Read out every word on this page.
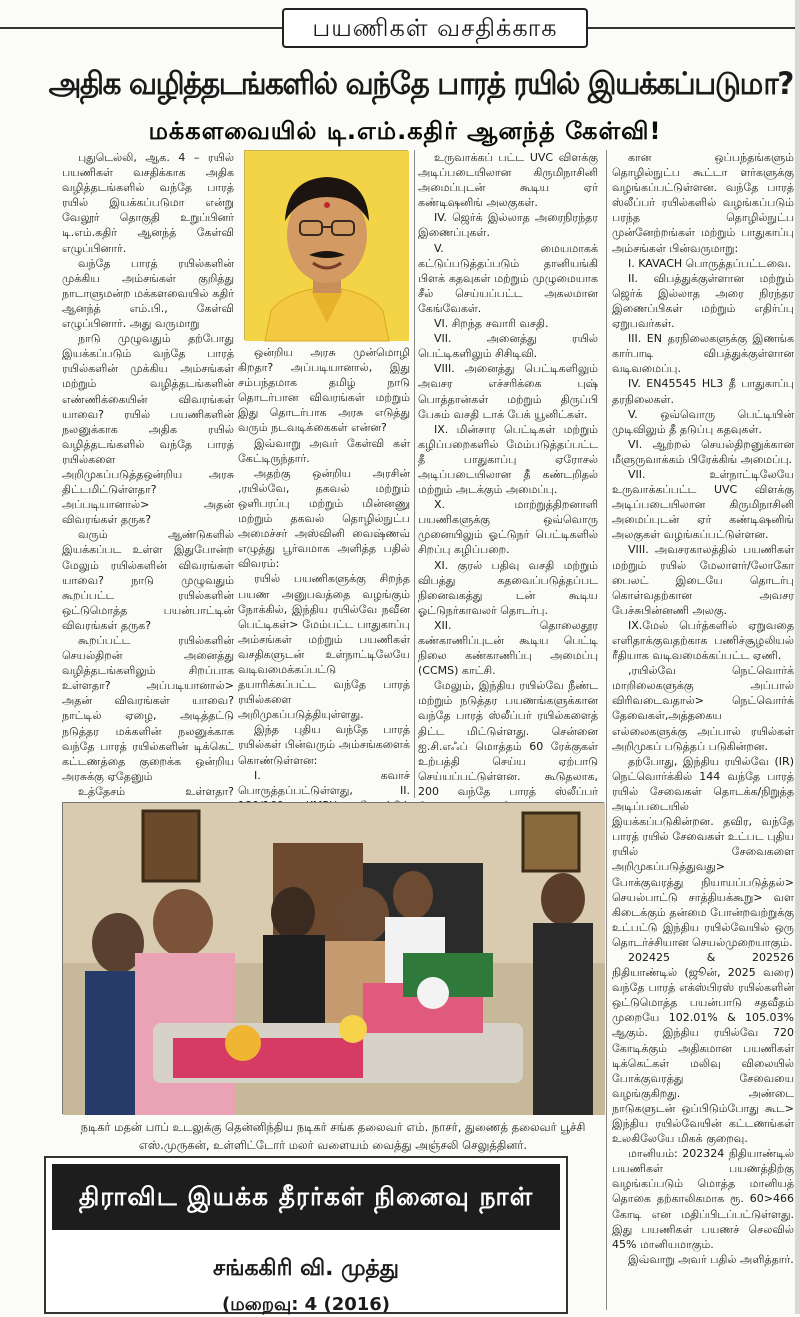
பயணிகள் வசதிக்காக
அதிக வழித்தடங்களில் வந்தே பாரத் ரயில் இயக்கப்படுமா?
மக்களவையில் டி.எம்.கதிர் ஆனந்த் கேள்வி!

புதுடெல்லி, ஆக. 4 – ரயில் பயணிகள் வசதிக்காக அதிக வழித்தடங்களில் வந்தே பாரத் ரயில் இயக்கப்படுமா என்று வேலூர் தொகுதி உறுப்பினர் டி.எம்.கதிர் ஆனந்த் கேள்வி எழுப்பினார்.

வந்தே பாரத் ரயில்களின் முக்கிய அம்சங்கள் குறித்து நாடாளுமன்ற மக்களவையில் கதிர் ஆனந்த் எம்.பி., கேள்வி எழுப்பினார். அது வருமாறு

நாடு முழுவதும் தற்போது இயக்கப்படும் வந்தே பாரத் ரயில்களின் முக்கிய அம்சங்கள் மற்றும் வழித்தடங்களின் எண்ணிக்கையின் விவரங்கள் யாவை? ரயில் பயணிகளின் நலனுக்காக அதிக ரயில் வழித்தடங்களில் வந்தே பாரத் ரயில்களை அறிமுகப்படுத்தஒன்றிய அரசு திட்டமிட்டுள்ளதா? அப்படியானால்> அதன் விவரங்கள் தருக?

வரும் ஆண்டுகளில் இயக்கப்பட உள்ள இதுபோன்ற மேலும் ரயில்களின் விவரங்கள் யாவை? நாடு முழுவதும் கூறப்பட்ட ரயில்களின் ஒட்டுமொத்த பயன்பாட்டின் விவரங்கள் தருக?

கூறப்பட்ட ரயில்களின் செயல்திறன் அனைத்து வழித்தடங்களிலும் சிறப்பாக உள்ளதா? அப்படியானால்> அதன் விவரங்கள் யாவை? நாட்டில் ஏழை, அடித்தட்டு நடுத்தர மக்களின் நலனுக்காக வந்தே பாரத் ரயில்களின் டிக்கெட் கட்டணத்தை குறைக்க ஒன்றிய அரசுக்கு ஏதேனும்

உத்தேசம் உள்ளதா?

ஒன்றிய அரசு முன்மொழி கிறதா? அப்படியானால், இது சம்பந்தமாக தமிழ் நாடு தொடர்பான விவரங்கள் மற்றும் இது தொடர்பாக அரசு எடுத்து வரும் நடவடிக்கைகள் என்ன?

இவ்வாறு அவர் கேள்வி கள் கேட்டிருந்தார்.

அதற்கு ஒன்றிய அரசின் ,ரயில்வே, தகவல் மற்றும் ஒளிபரப்பு மற்றும் மின்னணு மற்றும் தகவல் தொழில்நுட்ப அமைச்சர் அஸ்வினி வைஷ்ணவ் எழுத்து பூர்வமாக அளித்த பதில் விவரம்:

ரயில் பயணிகளுக்கு சிறந்த பயண அனுபவத்தை வழங்கும் நோக்கில், இந்திய ரயில்வே நவீன பெட்டிகள்> மேம்பட்ட பாதுகாப்பு அம்சங்கள் மற்றும் பயணிகள் வசதிகளுடன் உள்நாட்டிலேயே வடிவமைக்கப்பட்டு தயாரிக்கப்பட்ட வந்தே பாரத் ரயில்களை அறிமுகப்படுத்தியுள்ளது.

இந்த புதிய வந்தே பாரத் ரயில்கள் பின்வரும் அம்சங்களைக் கொண்டுள்ளன:

I. கவாச் பொருத்தப்பட்டுள்ளது, II.

உருவாக்கப் பட்ட UVC விளக்கு அடிப்படையிலான கிருமிநாசினி அமைப்புடன் கூடிய ஏர் கண்டிஷனிங் அலகுகள்.

IV. ஜெர்க் இல்லாத அரைநிரந்தர இணைப்புகள்.

V. மையமாகக் கட்டுப்படுத்தப்படும் தானியங்கி பிளக் கதவுகள் மற்றும் முழுமையாக சீல் செய்யப்பட்ட அகலமான கேங்வேகள்.

VI. சிறந்த சவாரி வசதி.

VII. அனைத்து ரயில் பெட்டிகளிலும் சிசிடிவி.

VIII. அனைத்து பெட்டிகளிலும் அவசர எச்சரிக்கை புஷ் பொத்தான்கள் மற்றும் திருப்பி பேசும் வசதி டாக் பேக் யூனிட்கள்.

IX. மின்சார பெட்டிகள் மற்றும் கழிப்பறைகளில் மேம்படுத்தப்பட்ட தீ பாதுகாப்பு ஏரோசல் அடிப்படையிலான தீ கண்டறிதல் மற்றும் அடக்கும் அமைப்பு.

X. மாற்றுத்திறனாளி பயணிகளுக்கு ஒவ்வொரு முனையிலும் ஓட்டுநர் பெட்டிகளில் சிறப்பு கழிப்பறை.

XI. குரல் பதிவு வசதி மற்றும் விபத்து கதவைப்படுத்தப்பட நினைவகத்து டன் கூடிய ஓட்டுநர்காவலர் தொடர்பு.

XII. தொலைதூர கண்காணிப்புடன் கூடிய பெட்டி நிலை கண்காணிப்பு அமைப்பு (CCMS) காட்சி.

மேலும், இந்திய ரயில்வே நீண்ட மற்றும் நடுத்தர பயணங்களுக்கான வந்தே பாரத் ஸ்லீப்பர் ரயில்களைத் திட்ட மிட்டுள்ளது. சென்னை ஐ.சி.எஃப் மொத்தம் 60 ரேக்குகள் உற்பத்தி செய்ய ஏற்பாடு செய்யப்பட்டுள்ளன. கூடுதலாக, 200 வந்தே பாரத் ஸ்லீப்பர்

கான ஒப்பந்தங்களும் தொழில்நுட்ப கூட்டா ளர்களுக்கு வழங்கப்பட்டுள்ளன. வந்தே பாரத் ஸ்லீப்பர் ரயில்களில் வழங்கப்படும் பரந்த தொழில்நுட்ப முன்னேற்றங்கள் மற்றும் பாதுகாப்பு அம்சங்கள் பின்வருமாறு:

I. KAVACH பொருத்தப்பட்டவை.

II. விபத்துக்குள்ளான மற்றும் ஜெர்க் இல்லாத அரை நிரந்தர இணைப்பிகள் மற்றும் எதிர்ப்பு ஏறுபவர்கள்.

III. EN தரநிலைகளுக்கு இணங்க கார்பாடி விபத்துக்குள்ளான வடிவமைப்பு.

IV. EN45545 HL3 தீ பாதுகாப்பு தரநிலைகள்.

V. ஒவ்வொரு பெட்டியின் முடிவிலும் தீ தடுப்பு கதவுகள்.

VI. ஆற்றல் செயல்திறனுக்கான மீளுருவாக்கம் பிரேக்கிங் அமைப்பு.

VII. உள்நாட்டிலேயே உருவாக்கப்பட்ட UVC விளக்கு அடிப்படையிலான கிருமிநாசினி அமைப்புடன் ஏர் கண்டிஷனிங் அலகுகள் வழங்கப்பட்டுள்ளன.

VIII. அவசரகாலத்தில் பயணிகள் மற்றும் ரயில் மேலாளர்/லோகோ பைலட் இடையே தொடர்பு கொள்வதற்கான அவசர பேச்சுபின்னணி அலகு.

IX.மேல் பெர்த்களில் ஏறுவதை எளிதாக்குவதற்காக பணிச்சூழலியல் ரீதியாக வடிவமைக்கப்பட்ட ஏணி.

,ரயில்வே நெட்வொர்க் மாறிலைகளுக்கு அப்பால் விரிவடைவதால்> நெட்வொர்க் தேவைகள்,அத்தகைய எல்லைகளுக்கு அப்பால் ரயில்கள் அறிமுகப் படுத்தப் படுகின்றன.

தற்போது, இந்திய ரயில்வே (IR) நெட்வொர்க்கில் 144 வந்தே பாரத் ரயில் சேவைகள் தொடக்க/நிறுத்த அடிப்படையில் இயக்கப்படுகின்றன. தவிர, வந்தே பாரத் ரயில் சேவைகள் உட்பட புதிய ரயில் சேவைகளை அறிமுகப்படுத்துவது> போக்குவரத்து நியாயப்படுத்தல்> செயல்பாட்டு சாத்தியக்கூறு> வள கிடைக்கும் தன்மை போன்றவற்றுக்கு உட்பட்டு இந்திய ரயில்வேயில் ஒரு தொடர்ச்சியான செயல்முறையாகும்.

202425 & 202526 நிதியாண்டில் (ஜூன், 2025 வரை) வந்தே பாரத் எக்ஸ்பிரஸ் ரயில்களின் ஒட்டுமொத்த பயன்பாடு சதவீதம் முறையே 102.01% & 105.03% ஆகும். இந்திய ரயில்வே 720 கோடிக்கும் அதிகமான பயணிகள் டிக்கெட்கள் மலிவு விலையில் போக்குவரத்து சேவையை வழங்குகிறது. அண்டை நாடுகளுடன் ஒப்பிடும்போது கூட> இந்திய ரயில்வேயின் கட்டணங்கள் உலகிலேயே மிகக் குறைவு.

மானியம்: 202324 நிதியாண்டில் பயணிகள் பயணத்திற்கு வழங்கப்படும் மொத்த மானியத் தொகை தற்காலிகமாக ரூ. 60>466 கோடி என மதிப்பிடப்பட்டுள்ளது. இது பயணிகள் பயணச் செலவில் 45% மானியமாகும்.

இவ்வாறு அவர் பதில் அளித்தார்.

நடிகர் மதன் பாப் உடலுக்கு தென்னிந்திய நடிகர் சங்க தலைவர் எம். நாசர், துணைத் தலைவர் பூச்சி எஸ்.முருகன், உள்ளிட்டோர் மலர் வளையம் வைத்து அஞ்சலி செலுத்தினர்.
திராவிட இயக்க தீரர்கள் நினைவு நாள்
சங்ககிரி வி. முத்து
(மறைவு: 4 (2016)
